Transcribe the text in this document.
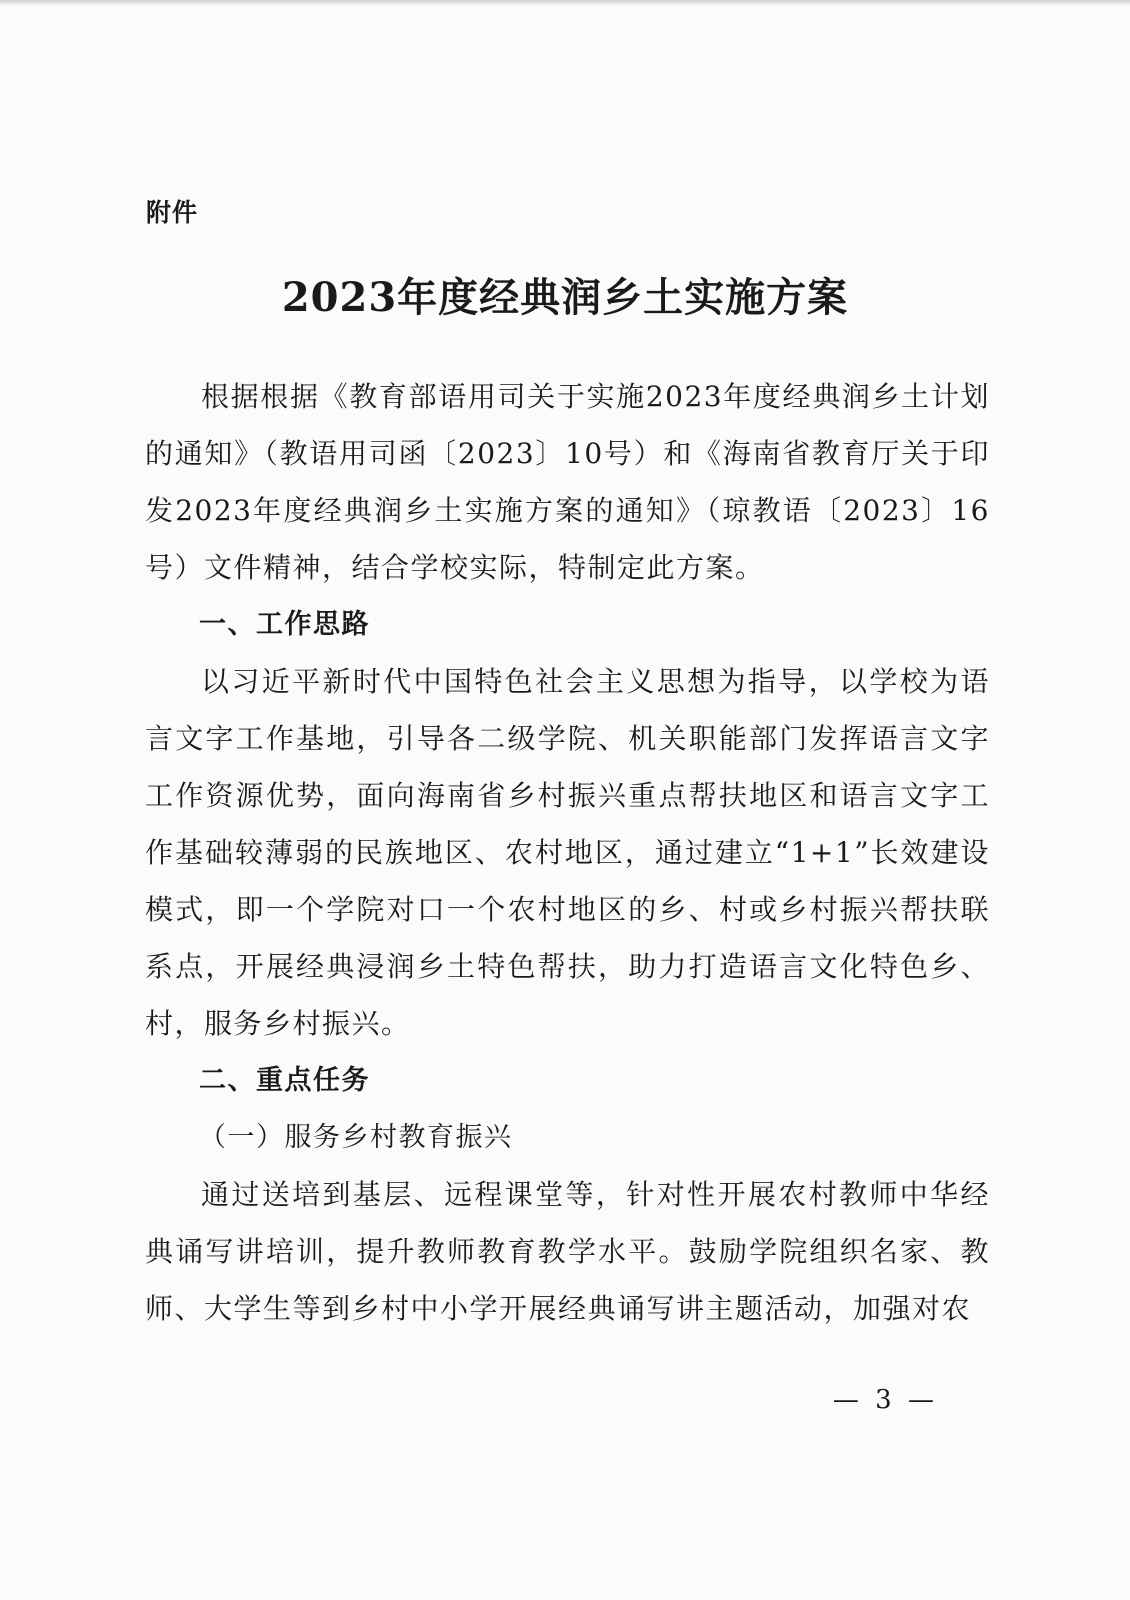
附件
2023年度经典润乡土实施方案

根据根据《教育部语用司关于实施2023年度经典润乡土计划的通知》（教语用司函〔2023〕10号）和《海南省教育厅关于印发2023年度经典润乡土实施方案的通知》（琼教语〔2023〕16号）文件精神，结合学校实际，特制定此方案。

一、工作思路

以习近平新时代中国特色社会主义思想为指导，以学校为语言文字工作基地，引导各二级学院、机关职能部门发挥语言文字工作资源优势，面向海南省乡村振兴重点帮扶地区和语言文字工作基础较薄弱的民族地区、农村地区，通过建立“1+1”长效建设模式，即一个学院对口一个农村地区的乡、村或乡村振兴帮扶联系点，开展经典浸润乡土特色帮扶，助力打造语言文化特色乡、村，服务乡村振兴。

二、重点任务

（一）服务乡村教育振兴

通过送培到基层、远程课堂等，针对性开展农村教师中华经典诵写讲培训，提升教师教育教学水平。鼓励学院组织名家、教师、大学生等到乡村中小学开展经典诵写讲主题活动，加强对农

— 3 —
